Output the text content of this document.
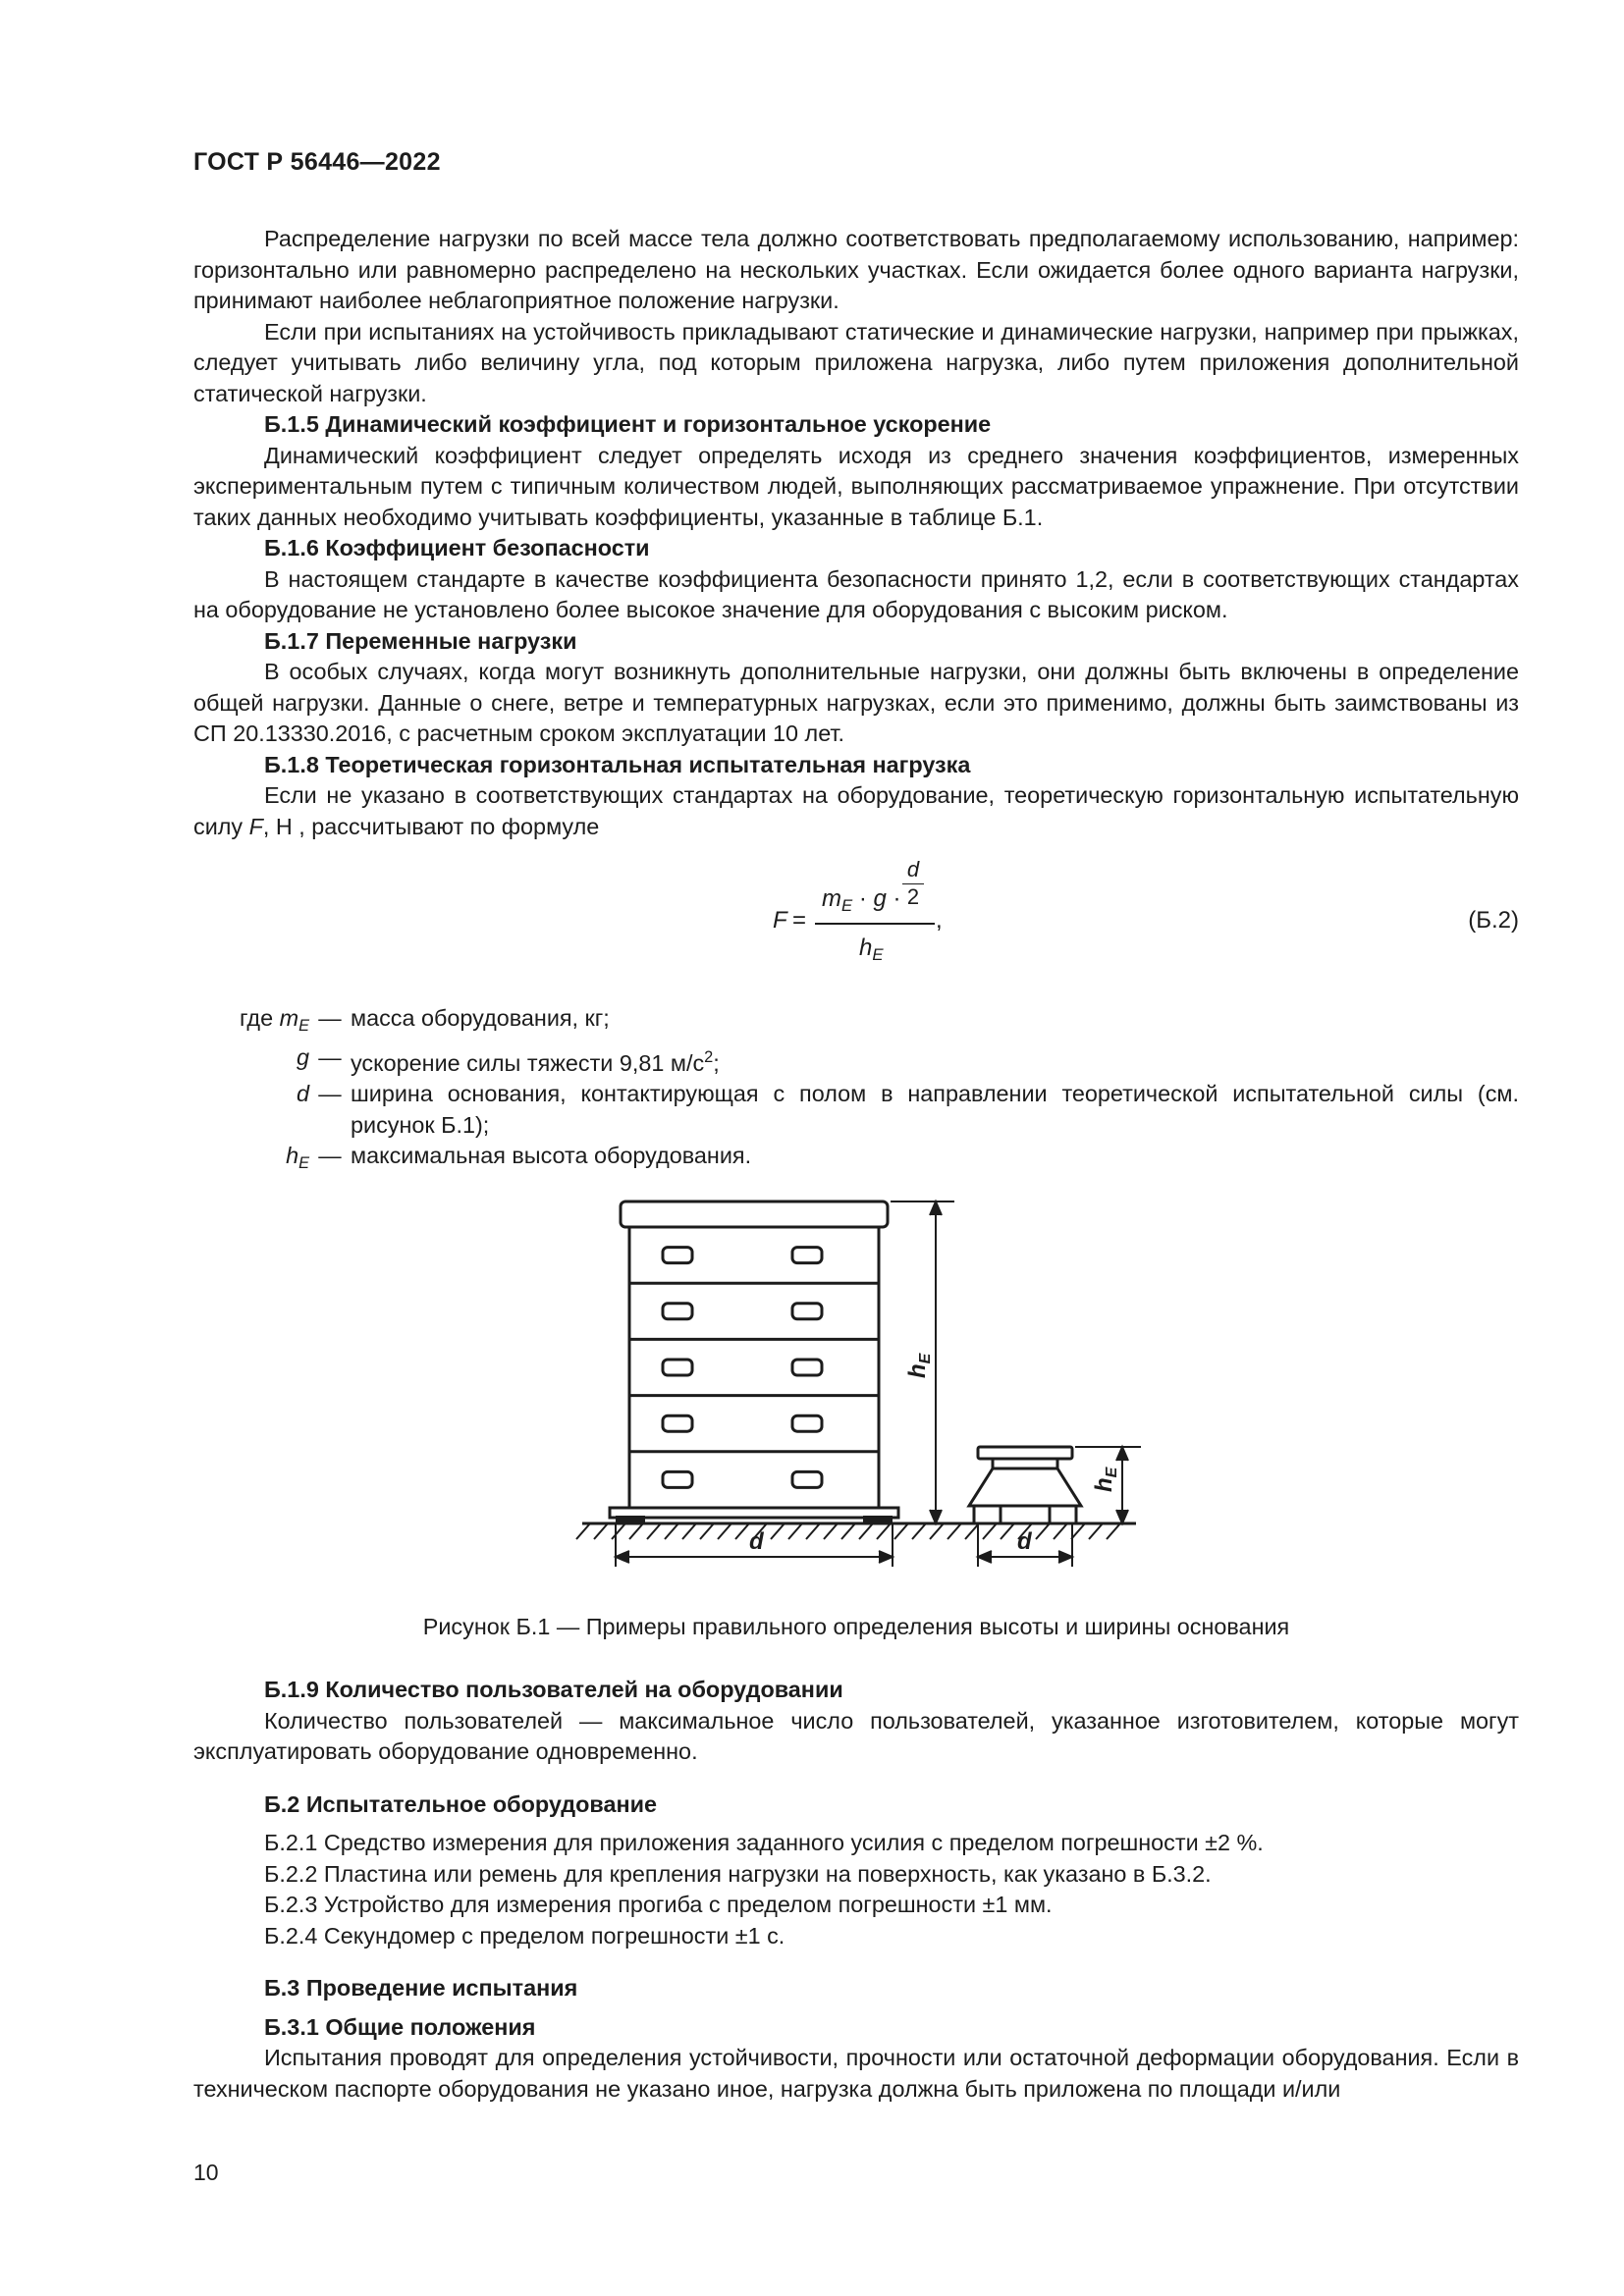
ГОСТ Р 56446—2022

Распределение нагрузки по всей массе тела должно соответствовать предполагаемому использованию, например: горизонтально или равномерно распределено на нескольких участках. Если ожидается более одного варианта нагрузки, принимают наиболее неблагоприятное положение нагрузки.

Если при испытаниях на устойчивость прикладывают статические и динамические нагрузки, например при прыжках, следует учитывать либо величину угла, под которым приложена нагрузка, либо путем приложения дополнительной статической нагрузки.

Б.1.5 Динамический коэффициент и горизонтальное ускорение

Динамический коэффициент следует определять исходя из среднего значения коэффициентов, измеренных экспериментальным путем с типичным количеством людей, выполняющих рассматриваемое упражнение. При отсутствии таких данных необходимо учитывать коэффициенты, указанные в таблице Б.1.

Б.1.6 Коэффициент безопасности

В настоящем стандарте в качестве коэффициента безопасности принято 1,2, если в соответствующих стандартах на оборудование не установлено более высокое значение для оборудования с высоким риском.

Б.1.7 Переменные нагрузки

В особых случаях, когда могут возникнуть дополнительные нагрузки, они должны быть включены в определение общей нагрузки. Данные о снеге, ветре и температурных нагрузках, если это применимо, должны быть заимствованы из СП 20.13330.2016, с расчетным сроком эксплуатации 10 лет.

Б.1.8 Теоретическая горизонтальная испытательная нагрузка

Если не указано в соответствующих стандартах на оборудование, теоретическую горизонтальную испытательную силу F, Н , рассчитывают по формуле

F =
$m_E \cdot g$ ·
d
2
$h_E$
,	(Б.2)
где $m_E$ — масса оборудования, кг;
g — ускорение силы тяжести 9,81 $м/с^2$;
d — ширина основания, контактирующая с полом в направлении теоретической испытательной силы (см. рисунок Б.1);
$h_E$ — максимальная высота оборудования.
d	d
$h_E$
$h_E$

Рисунок Б.1 — Примеры правильного определения высоты и ширины основания

Б.1.9 Количество пользователей на оборудовании

Количество пользователей — максимальное число пользователей, указанное изготовителем, которые могут эксплуатировать оборудование одновременно.

Б.2 Испытательное оборудование

Б.2.1 Средство измерения для приложения заданного усилия с пределом погрешности ±2 %.

Б.2.2 Пластина или ремень для крепления нагрузки на поверхность, как указано в Б.3.2.

Б.2.3 Устройство для измерения прогиба с пределом погрешности ±1 мм.

Б.2.4 Секундомер с пределом погрешности ±1 с.

Б.3 Проведение испытания

Б.3.1 Общие положения

Испытания проводят для определения устойчивости, прочности или остаточной деформации оборудования. Если в техническом паспорте оборудования не указано иное, нагрузка должна быть приложена по площади и/или

10
